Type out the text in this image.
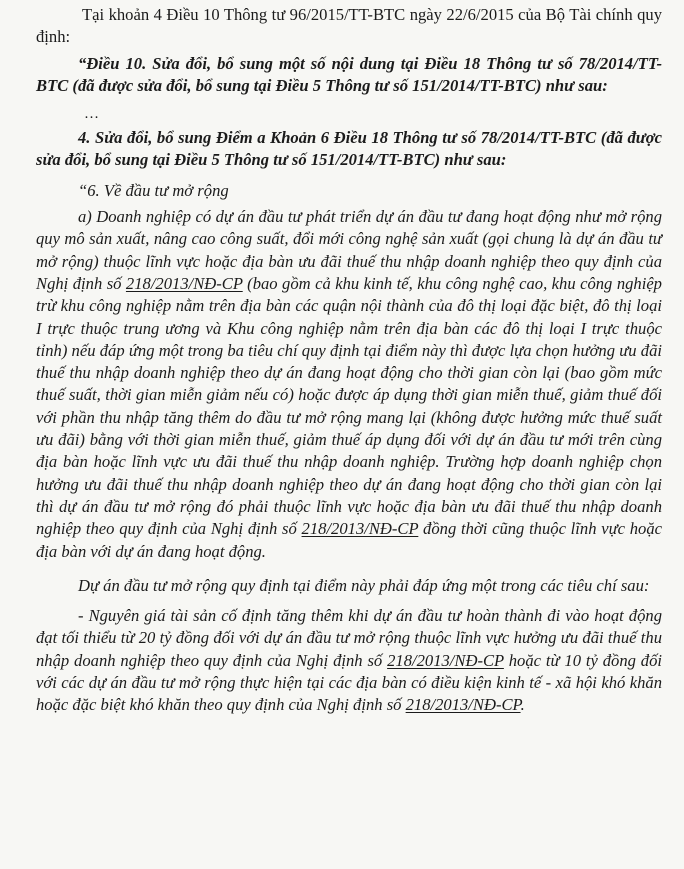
Tại khoản 4 Điều 10 Thông tư 96/2015/TT-BTC ngày 22/6/2015 của Bộ Tài chính quy định:

“Điều 10. Sửa đổi, bổ sung một số nội dung tại Điều 18 Thông tư số 78/2014/TT-BTC (đã được sửa đổi, bổ sung tại Điều 5 Thông tư số 151/2014/TT-BTC) như sau:

…

4. Sửa đổi, bổ sung Điểm a Khoản 6 Điều 18 Thông tư số 78/2014/TT-BTC (đã được sửa đổi, bổ sung tại Điều 5 Thông tư số 151/2014/TT-BTC) như sau:

“6. Về đầu tư mở rộng

a) Doanh nghiệp có dự án đầu tư phát triển dự án đầu tư đang hoạt động như mở rộng quy mô sản xuất, nâng cao công suất, đổi mới công nghệ sản xuất (gọi chung là dự án đầu tư mở rộng) thuộc lĩnh vực hoặc địa bàn ưu đãi thuế thu nhập doanh nghiệp theo quy định của Nghị định số 218/2013/NĐ-CP (bao gồm cả khu kinh tế, khu công nghệ cao, khu công nghiệp trừ khu công nghiệp nằm trên địa bàn các quận nội thành của đô thị loại đặc biệt, đô thị loại I trực thuộc trung ương và Khu công nghiệp nằm trên địa bàn các đô thị loại I trực thuộc tỉnh) nếu đáp ứng một trong ba tiêu chí quy định tại điểm này thì được lựa chọn hưởng ưu đãi thuế thu nhập doanh nghiệp theo dự án đang hoạt động cho thời gian còn lại (bao gồm mức thuế suất, thời gian miễn giảm nếu có) hoặc được áp dụng thời gian miễn thuế, giảm thuế đối với phần thu nhập tăng thêm do đầu tư mở rộng mang lại (không được hưởng mức thuế suất ưu đãi) bằng với thời gian miễn thuế, giảm thuế áp dụng đối với dự án đầu tư mới trên cùng địa bàn hoặc lĩnh vực ưu đãi thuế thu nhập doanh nghiệp. Trường hợp doanh nghiệp chọn hưởng ưu đãi thuế thu nhập doanh nghiệp theo dự án đang hoạt động cho thời gian còn lại thì dự án đầu tư mở rộng đó phải thuộc lĩnh vực hoặc địa bàn ưu đãi thuế thu nhập doanh nghiệp theo quy định của Nghị định số 218/2013/NĐ-CP đồng thời cũng thuộc lĩnh vực hoặc địa bàn với dự án đang hoạt động.

Dự án đầu tư mở rộng quy định tại điểm này phải đáp ứng một trong các tiêu chí sau:

- Nguyên giá tài sản cố định tăng thêm khi dự án đầu tư hoàn thành đi vào hoạt động đạt tối thiểu từ 20 tỷ đồng đối với dự án đầu tư mở rộng thuộc lĩnh vực hưởng ưu đãi thuế thu nhập doanh nghiệp theo quy định của Nghị định số 218/2013/NĐ-CP hoặc từ 10 tỷ đồng đối với các dự án đầu tư mở rộng thực hiện tại các địa bàn có điều kiện kinh tế - xã hội khó khăn hoặc đặc biệt khó khăn theo quy định của Nghị định số 218/2013/NĐ-CP.
